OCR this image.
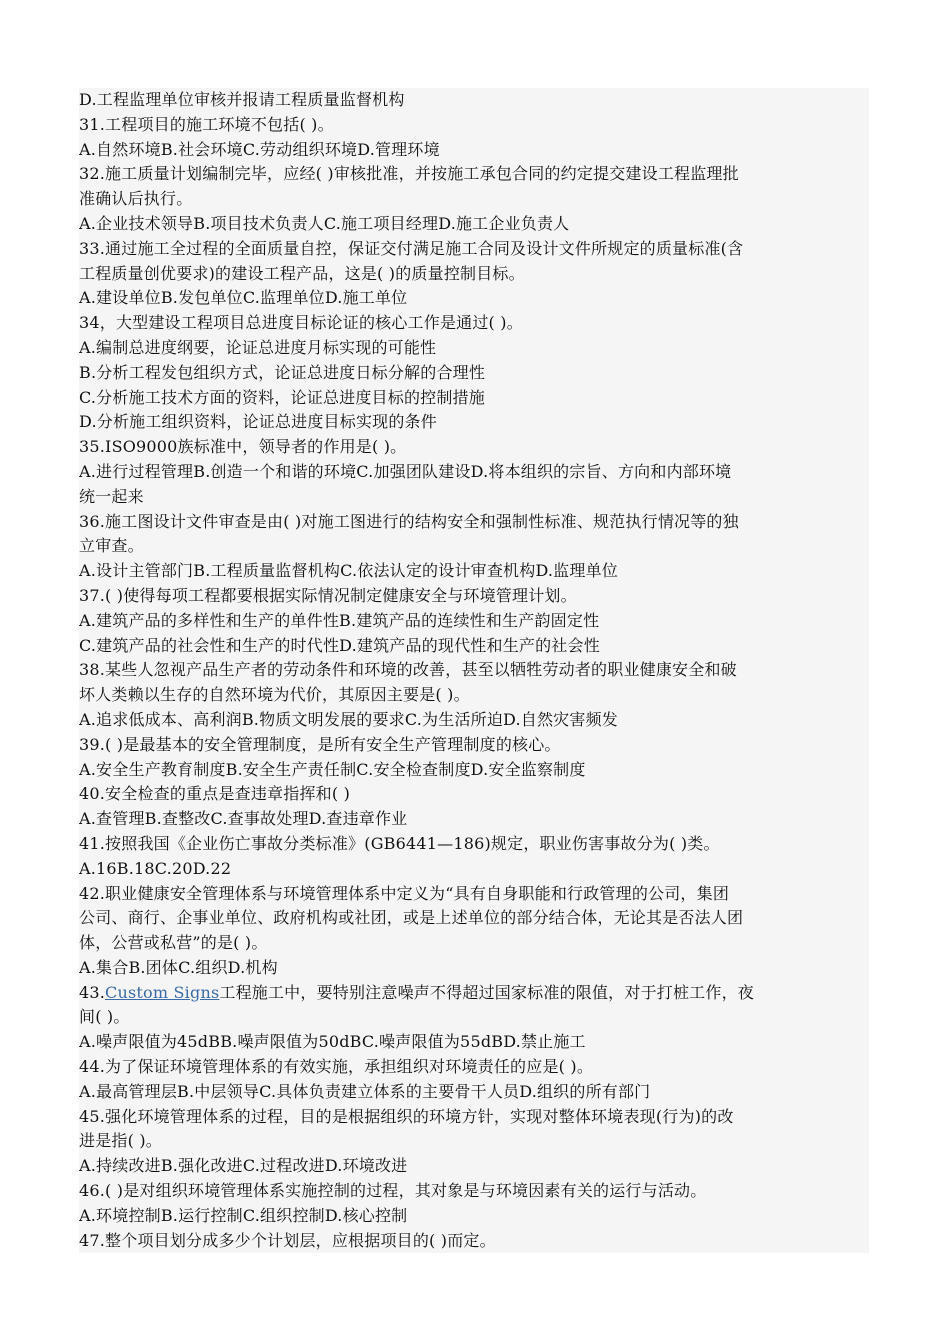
D.工程监理单位审核并报请工程质量监督机构
31.工程项目的施工环境不包括( )。
A.自然环境B.社会环境C.劳动组织环境D.管理环境
32.施工质量计划编制完毕，应经( )审核批准，并按施工承包合同的约定提交建设工程监理批
准确认后执行。
A.企业技术领导B.项目技术负责人C.施工项目经理D.施工企业负责人
33.通过施工全过程的全面质量自控，保证交付满足施工合同及设计文件所规定的质量标准(含
工程质量创优要求)的建设工程产品，这是( )的质量控制目标。
A.建设单位B.发包单位C.监理单位D.施工单位
34，大型建设工程项目总进度目标论证的核心工作是通过( )。
A.编制总进度纲要，论证总进度月标实现的可能性
B.分析工程发包组织方式，论证总进度日标分解的合理性
C.分析施工技术方面的资料，论证总进度目标的控制措施
D.分析施工组织资料，论证总进度目标实现的条件
35.ISO9000族标准中，领导者的作用是( )。
A.进行过程管理B.创造一个和谐的环境C.加强团队建设D.将本组织的宗旨、方向和内部环境
统一起来
36.施工图设计文件审查是由( )对施工图进行的结构安全和强制性标准、规范执行情况等的独
立审查。
A.设计主管部门B.工程质量监督机构C.依法认定的设计审查机构D.监理单位
37.( )使得每项工程都要根据实际情况制定健康安全与环境管理计划。
A.建筑产品的多样性和生产的单件性B.建筑产品的连续性和生产韵固定性
C.建筑产品的社会性和生产的时代性D.建筑产品的现代性和生产的社会性
38.某些人忽视产品生产者的劳动条件和环境的改善，甚至以牺牲劳动者的职业健康安全和破
坏人类赖以生存的自然环境为代价，其原因主要是( )。
A.追求低成本、高利润B.物质文明发展的要求C.为生活所迫D.自然灾害频发
39.( )是最基本的安全管理制度，是所有安全生产管理制度的核心。
A.安全生产教育制度B.安全生产责任制C.安全检查制度D.安全监察制度
40.安全检查的重点是查违章指挥和( )
A.查管理B.查整改C.查事故处理D.查违章作业
41.按照我国《企业伤亡事故分类标准》(GB6441—186)规定，职业伤害事故分为( )类。
A.16B.18C.20D.22
42.职业健康安全管理体系与环境管理体系中定义为“具有自身职能和行政管理的公司，集团
公司、商行、企事业单位、政府机构或社团，或是上述单位的部分结合体，无论其是否法人团
体，公营或私营”的是( )。
A.集合B.团体C.组织D.机构
43.Custom Signs工程施工中，要特别注意噪声不得超过国家标准的限值，对于打桩工作，夜
间( )。
A.噪声限值为45dBB.噪声限值为50dBC.噪声限值为55dBD.禁止施工
44.为了保证环境管理体系的有效实施，承担组织对环境责任的应是( )。
A.最高管理层B.中层领导C.具体负责建立体系的主要骨干人员D.组织的所有部门
45.强化环境管理体系的过程，目的是根据组织的环境方针，实现对整体环境表现(行为)的改
进是指( )。
A.持续改进B.强化改进C.过程改进D.环境改进
46.( )是对组织环境管理体系实施控制的过程，其对象是与环境因素有关的运行与活动。
A.环境控制B.运行控制C.组织控制D.核心控制
47.整个项目划分成多少个计划层，应根据项目的( )而定。
